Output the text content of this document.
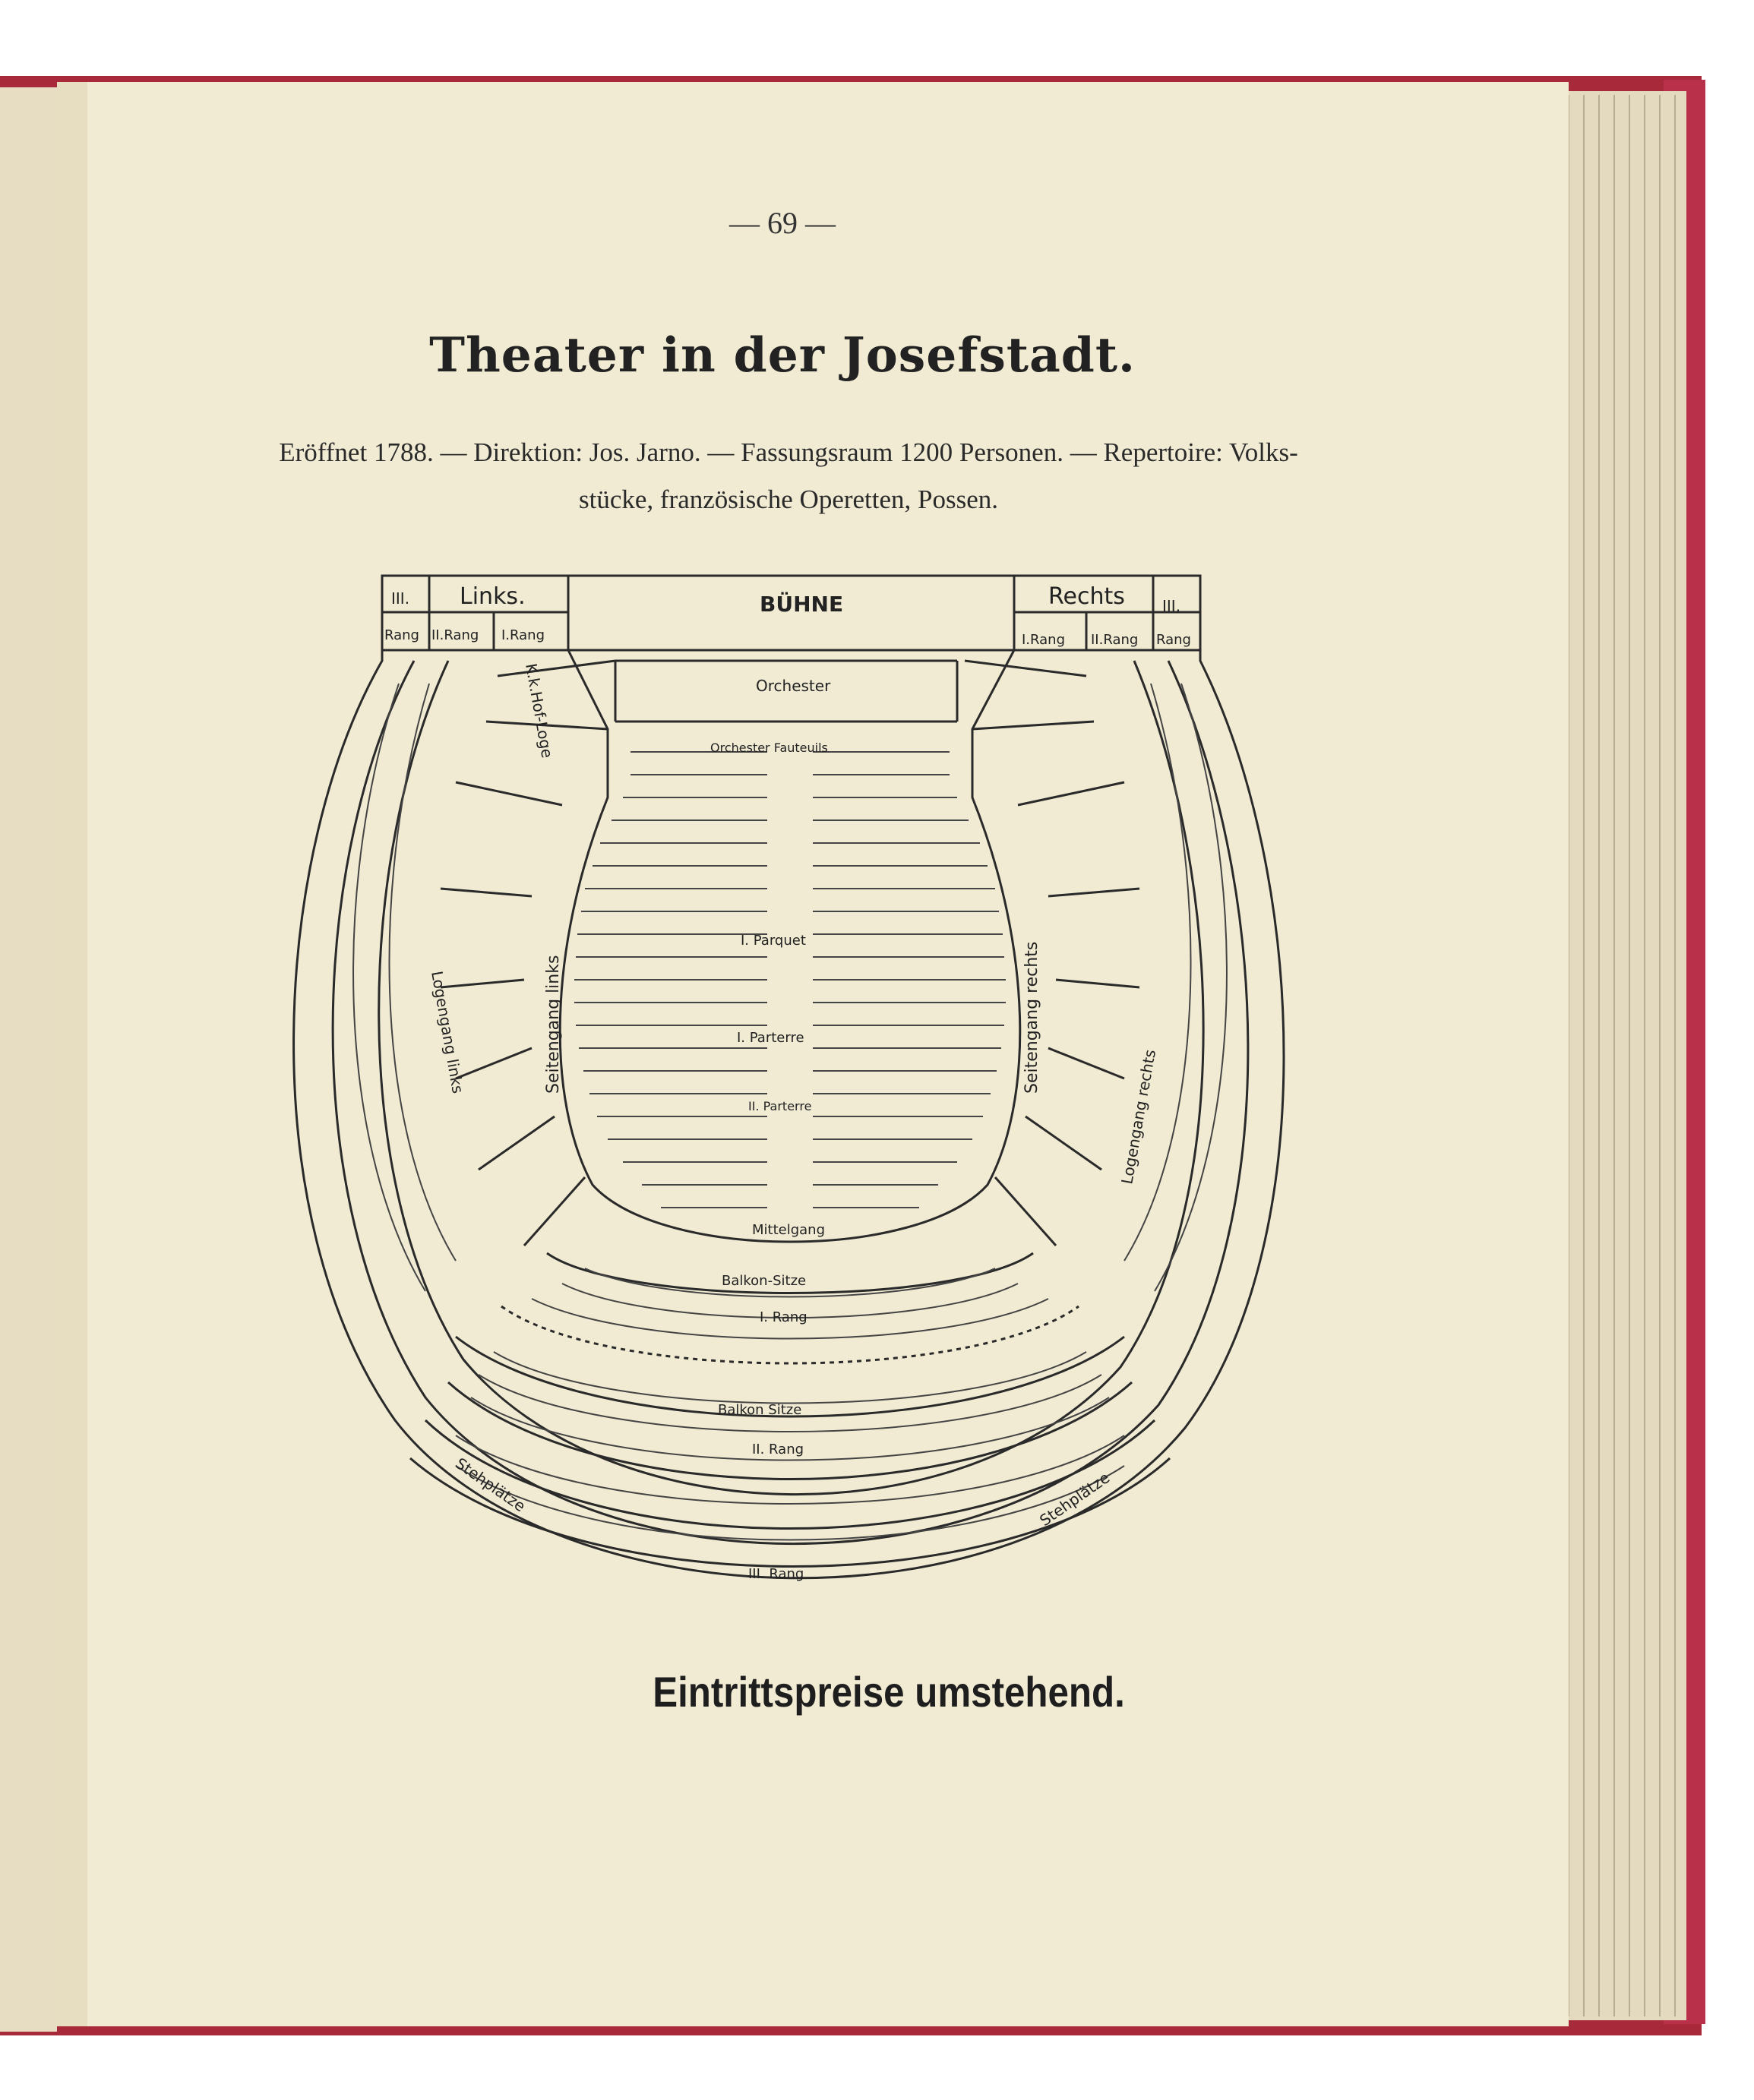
— 69 —
Theater in der Josefstadt.
Eröffnet 1788. — Direktion: Jos. Jarno. — Fassungsraum 1200 Personen. — Repertoire: Volks-
stücke, französische Operetten, Possen.
BÜHNE
Orchester
Links.	Rechts
III.	III.
Rang	Rang
II.Rang I.Rang	I.Rang II.Rang
K.k.Hof-Loge	Orchester Fauteuils
I. Parquet
I. Parterre
II. Parterre
Mittelgang
Seitengang links	Seitengang rechts
Logengang links
Logengang rechts
Balkon-Sitze
I. Rang
Balkon Sitze
II. Rang
III. Rang
Stehplätze	Stehplätze
Eintrittspreise umstehend.
